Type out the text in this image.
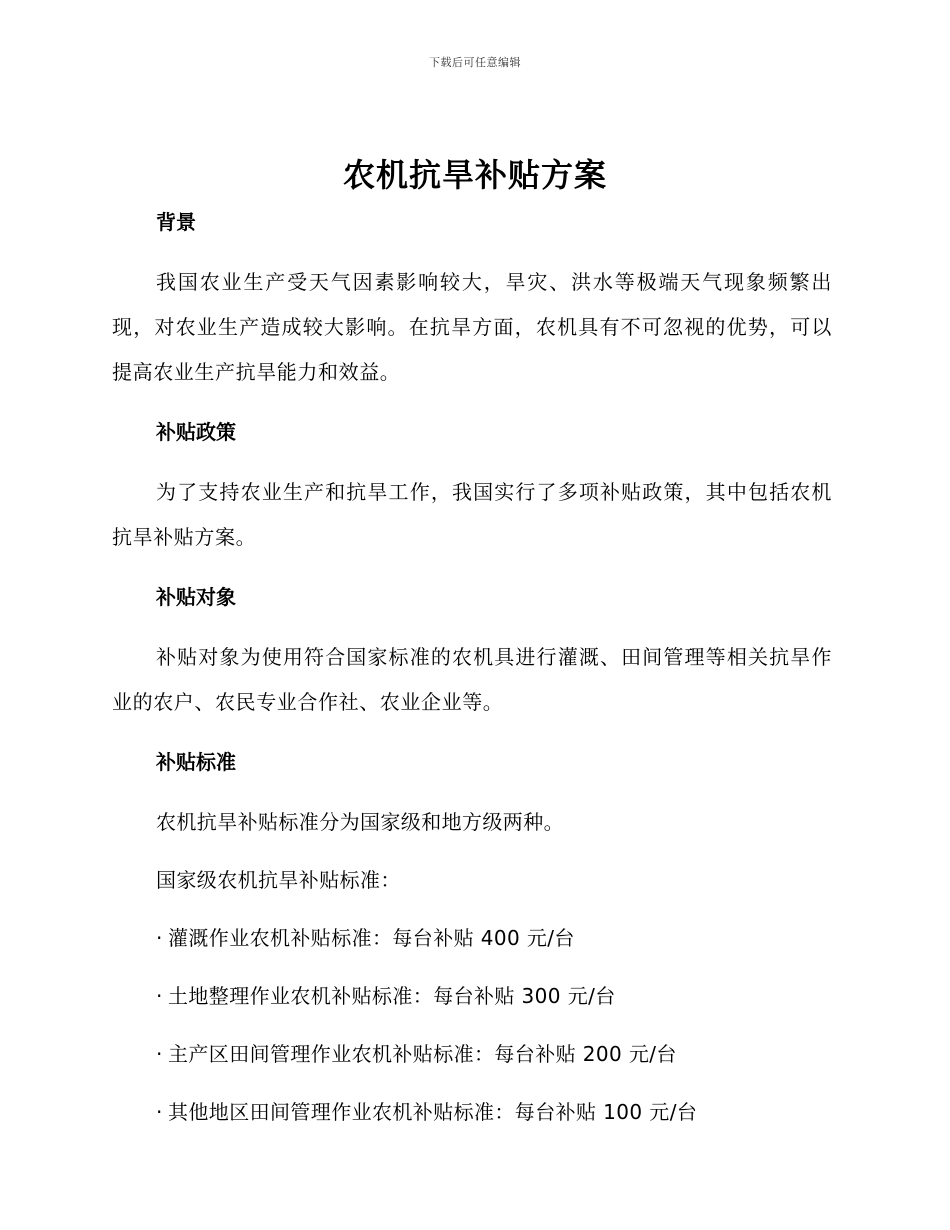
下载后可任意编辑
农机抗旱补贴方案
背景

我国农业生产受天气因素影响较大，旱灾、洪水等极端天气现象频繁出现，对农业生产造成较大影响。在抗旱方面，农机具有不可忽视的优势，可以提高农业生产抗旱能力和效益。

补贴政策

为了支持农业生产和抗旱工作，我国实行了多项补贴政策，其中包括农机抗旱补贴方案。

补贴对象

补贴对象为使用符合国家标准的农机具进行灌溉、田间管理等相关抗旱作业的农户、农民专业合作社、农业企业等。

补贴标准

农机抗旱补贴标准分为国家级和地方级两种。

国家级农机抗旱补贴标准：

· 灌溉作业农机补贴标准：每台补贴 400 元/台
· 土地整理作业农机补贴标准：每台补贴 300 元/台
· 主产区田间管理作业农机补贴标准：每台补贴 200 元/台
· 其他地区田间管理作业农机补贴标准：每台补贴 100 元/台
